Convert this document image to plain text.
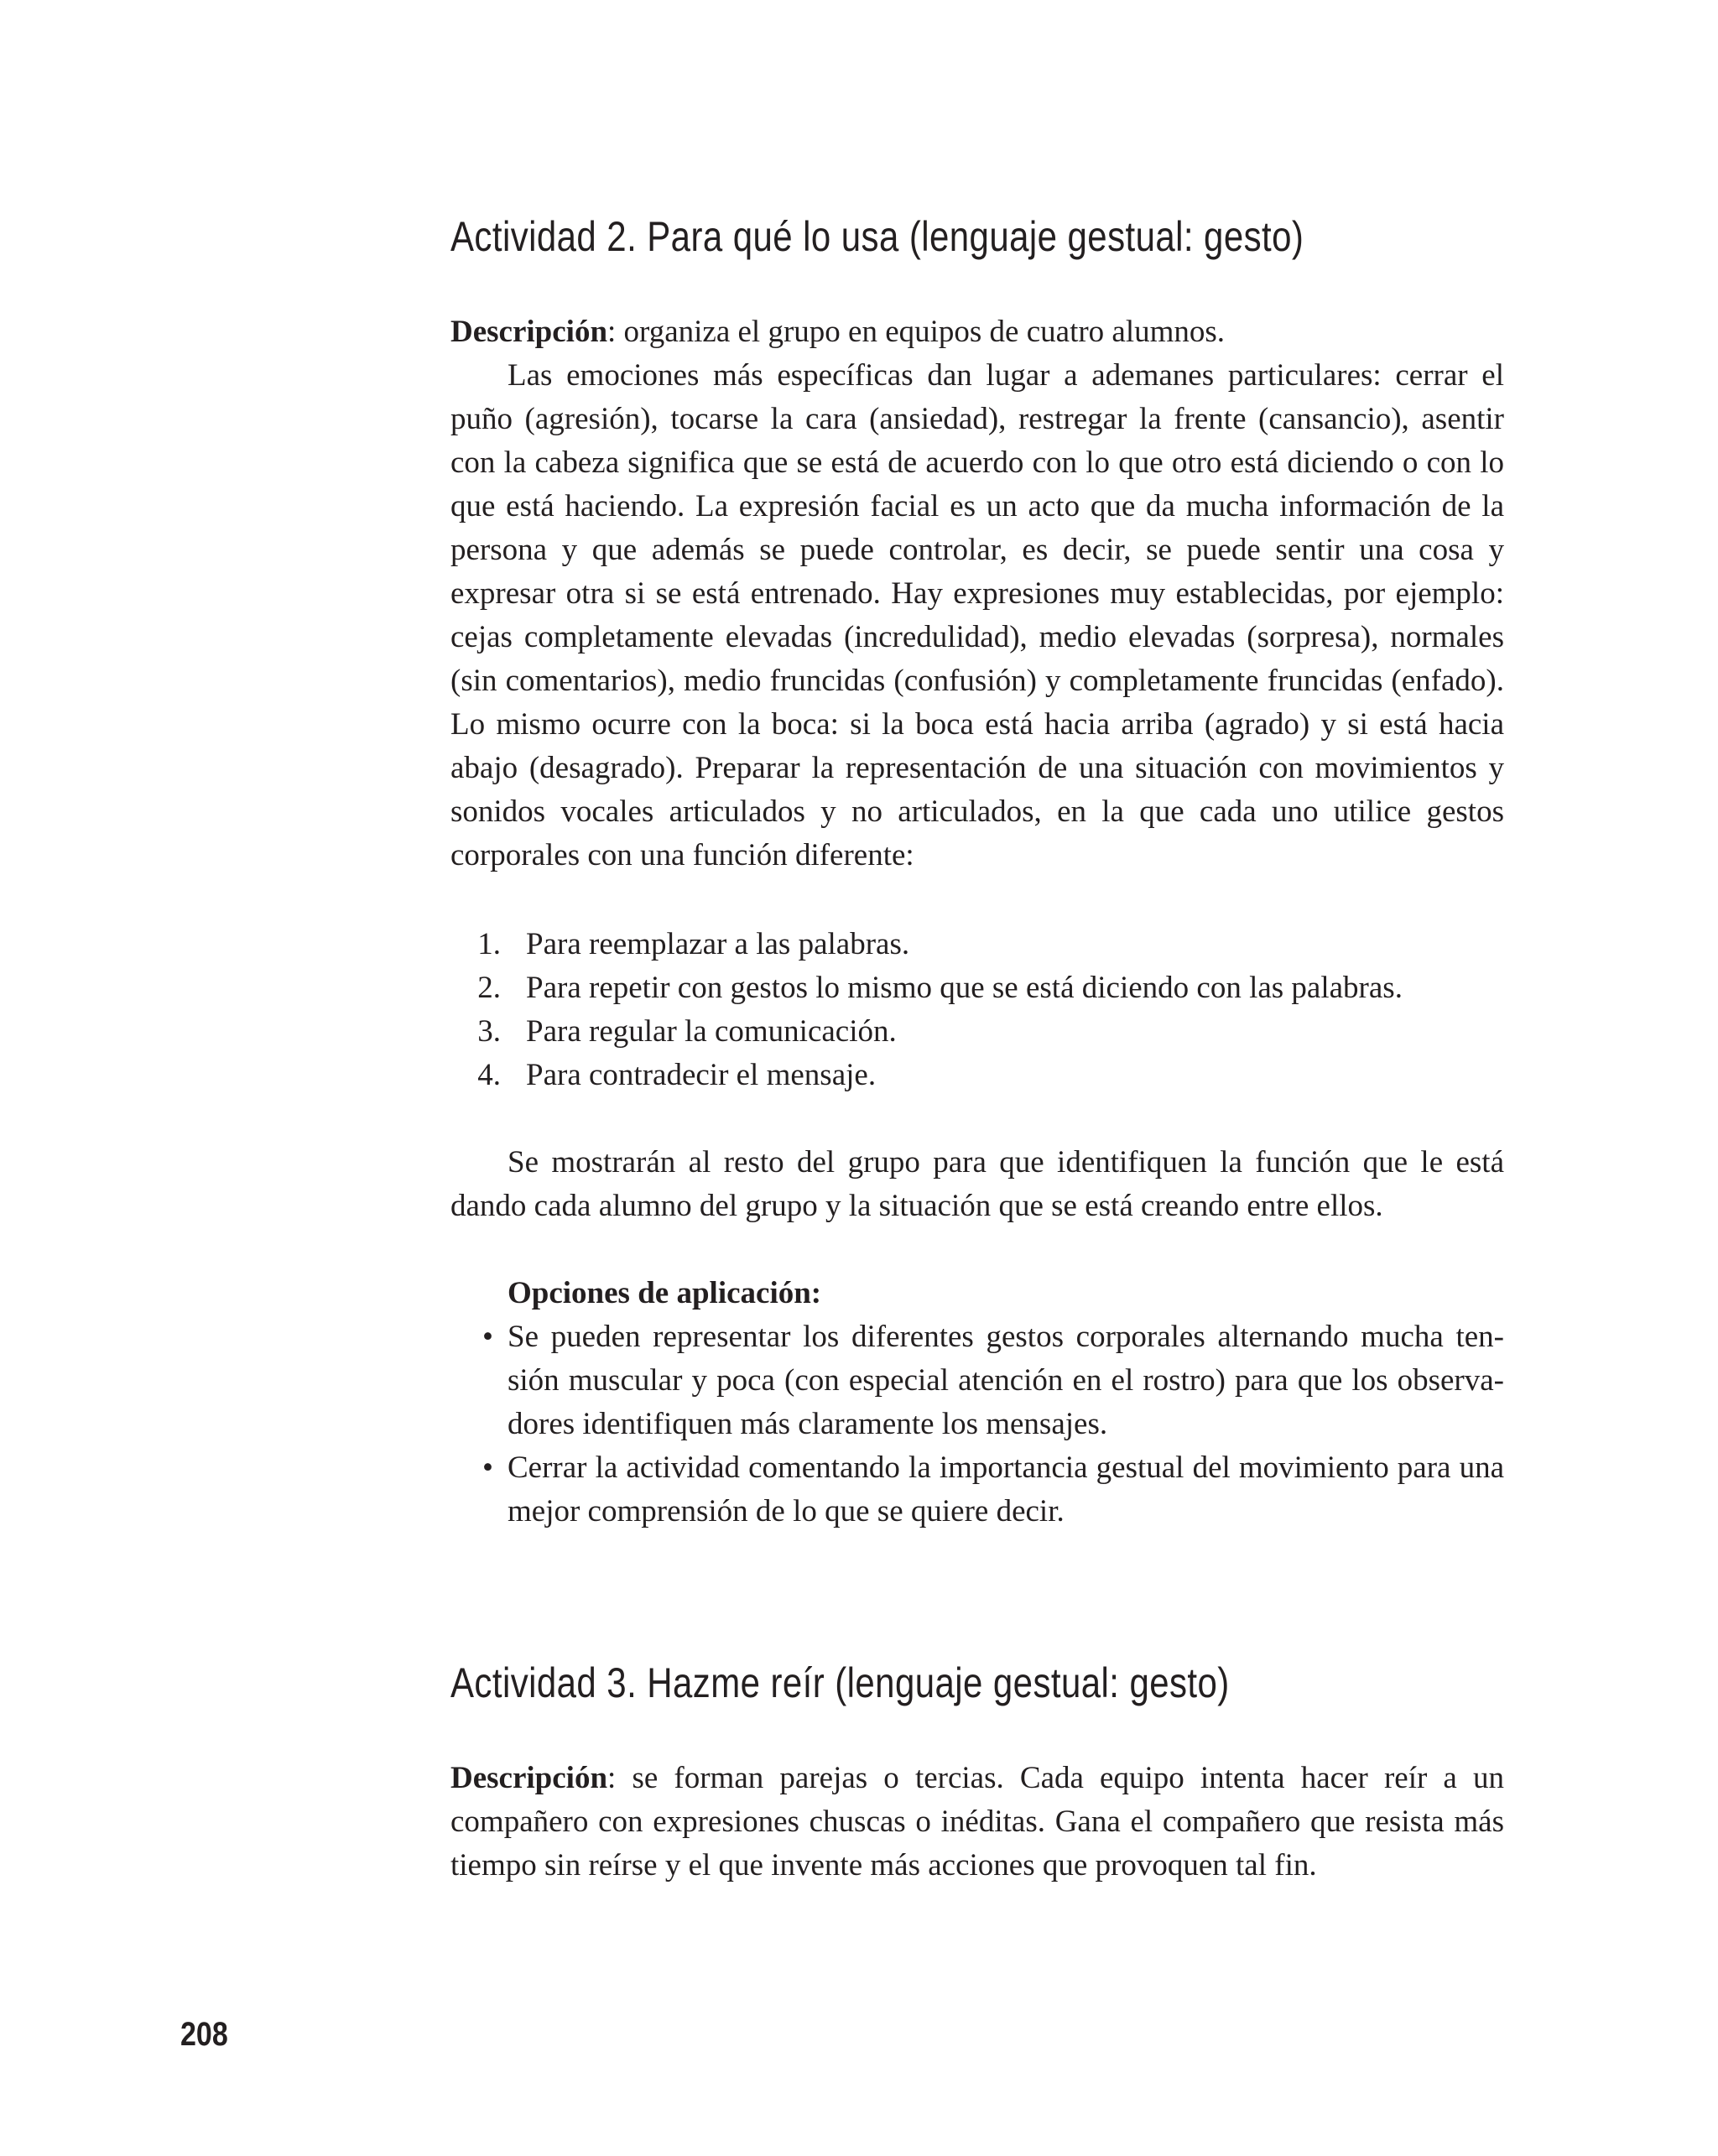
Actividad 2. Para qué lo usa (lenguaje gestual: gesto)

Descripción: organiza el grupo en equipos de cuatro alumnos.

Las emociones más específicas dan lugar a ademanes particulares: cerrar el puño (agresión), tocarse la cara (ansiedad), restregar la frente (cansancio), asentir con la cabeza significa que se está de acuerdo con lo que otro está diciendo o con lo que está haciendo. La expresión facial es un acto que da mucha información de la persona y que además se puede controlar, es decir, se puede sentir una cosa y expresar otra si se está entrenado. Hay expresiones muy establecidas, por ejemplo: cejas completamente elevadas (incredulidad), medio elevadas (sorpresa), normales (sin comentarios), medio fruncidas (confusión) y completamente fruncidas (enfado). Lo mismo ocurre con la boca: si la boca está hacia arriba (agrado) y si está hacia abajo (desagrado). Preparar la representación de una situación con movimientos y sonidos vocales articulados y no articulados, en la que cada uno utilice gestos corporales con una función diferente:

1. Para reemplazar a las palabras.
2. Para repetir con gestos lo mismo que se está diciendo con las palabras.
3. Para regular la comunicación.
4. Para contradecir el mensaje.

Se mostrarán al resto del grupo para que identifiquen la función que le está dando cada alumno del grupo y la situación que se está creando entre ellos.

Opciones de aplicación:

• Se pueden representar los diferentes gestos corporales alternando mucha tensión muscular y poca (con especial atención en el rostro) para que los observadores identifiquen más claramente los mensajes.
• Cerrar la actividad comentando la importancia gestual del movimiento para una mejor comprensión de lo que se quiere decir.
Actividad 3. Hazme reír (lenguaje gestual: gesto)

Descripción: se forman parejas o tercias. Cada equipo intenta hacer reír a un compañero con expresiones chuscas o inéditas. Gana el compañero que resista más tiempo sin reírse y el que invente más acciones que provoquen tal fin.

208
